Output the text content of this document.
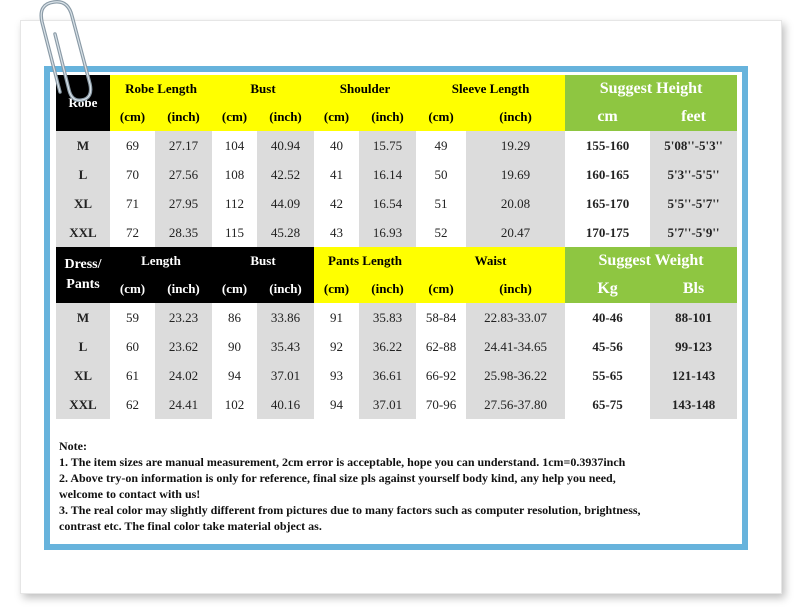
Robe	Robe Length		Bust		Shoulder		Sleeve Length		Suggest Height	
	(cm)	(inch)	(cm)	(inch)	(cm)	(inch)	(cm)	(inch)	cm	feet
M	69	27.17	104	40.94	40	15.75	49	19.29	155-160	5'08''-5'3''
L	70	27.56	108	42.52	41	16.14	50	19.69	160-165	5'3''-5'5''
XL	71	27.95	112	44.09	42	16.54	51	20.08	165-170	5'5''-5'7''
XXL	72	28.35	115	45.28	43	16.93	52	20.47	170-175	5'7''-5'9''

Dress/
Pants	Length		Bust		Pants Length		Waist		Suggest Weight	
	(cm)	(inch)	(cm)	(inch)	(cm)	(inch)	(cm)	(inch)	Kg	Bls
M	59	23.23	86	33.86	91	35.83	58-84	22.83-33.07	40-46	88-101
L	60	23.62	90	35.43	92	36.22	62-88	24.41-34.65	45-56	99-123
XL	61	24.02	94	37.01	93	36.61	66-92	25.98-36.22	55-65	121-143
XXL	62	24.41	102	40.16	94	37.01	70-96	27.56-37.80	65-75	143-148
Note:
1. The item sizes are manual measurement, 2cm error is acceptable, hope you can understand. 1cm=0.3937inch
2. Above try-on information is only for reference, final size pls against yourself body kind, any help you need,
welcome to contact with us!
3. The real color may slightly different from pictures due to many factors such as computer resolution, brightness,
contrast etc. The final color take material object as.
